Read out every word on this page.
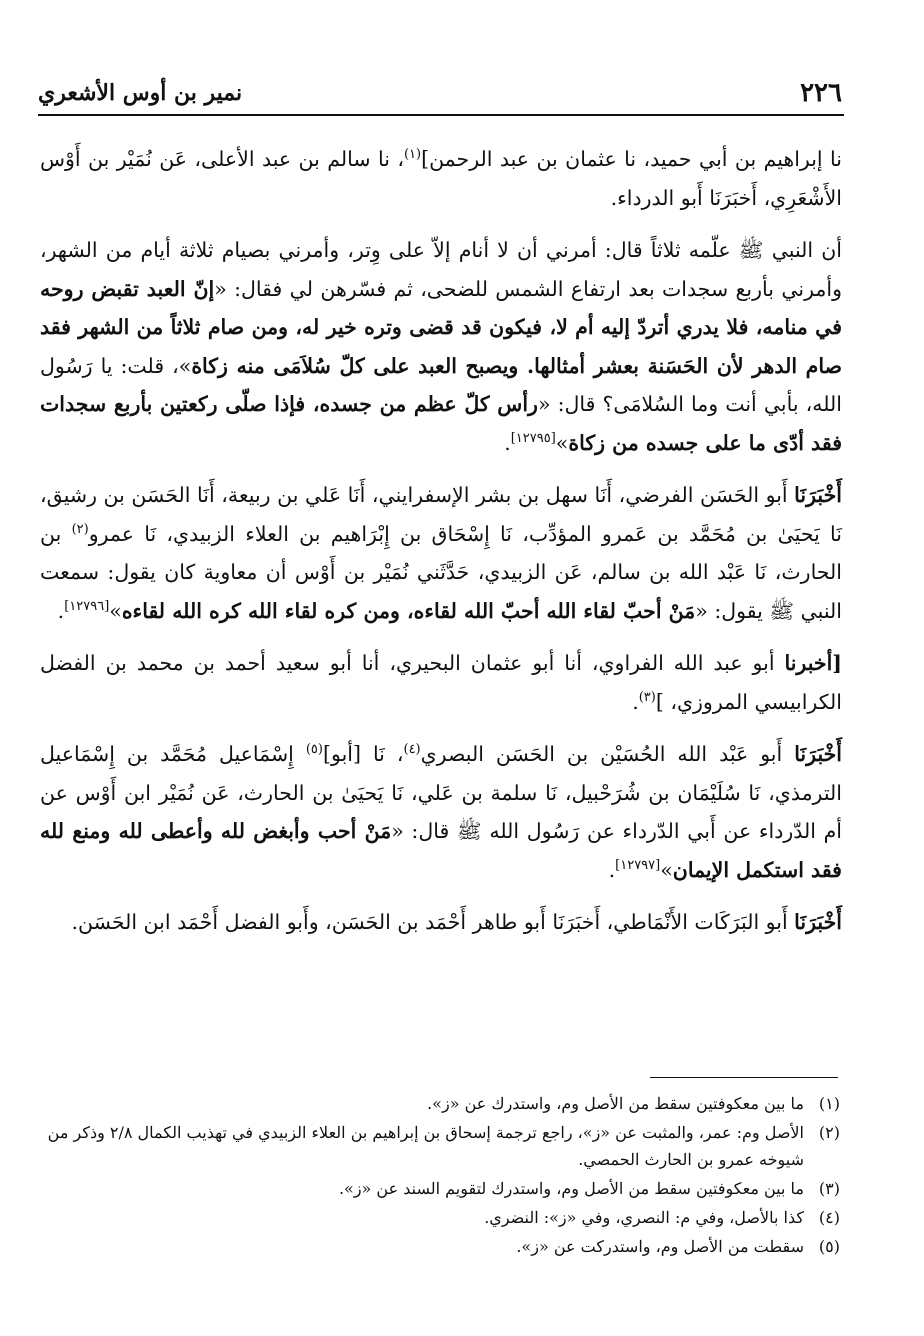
٢٢٦
نمير بن أوس الأشعري

نا إبراهيم بن أبي حميد، نا عثمان بن عبد الرحمن]$^{(١)}$، نا سالم بن عبد الأعلى، عَن نُمَيْر بن أَوْس الأَشْعَرِي، أَخبَرَنَا أَبو الدرداء.

أن النبي ﷺ علّمه ثلاثاً قال: أمرني أن لا أنام إلاّ على وِتر، وأمرني بصيام ثلاثة أيام من الشهر، وأمرني بأربع سجدات بعد ارتفاع الشمس للضحى، ثم فسّرهن لي فقال: «إنّ العبد تقبض روحه في منامه، فلا يدري أتردّ إليه أم لا، فيكون قد قضى وتره خير له، ومن صام ثلاثاً من الشهر فقد صام الدهر لأن الحَسَنة بعشر أمثالها. ويصبح العبد على كلّ سُلاَمَى منه زكاة»، قلت: يا رَسُول الله، بأبي أنت وما السُلامَى؟ قال: «رأس كلّ عظم من جسده، فإذا صلّى ركعتين بأربع سجدات فقد أدّى ما على جسده من زكاة»[١٢٧٩٥].

أَخْبَرَنَا أَبو الحَسَن الفرضي، أَنَا سهل بن بشر الإسفرايني، أَنَا عَلي بن ربيعة، أَنَا الحَسَن بن رشيق، نَا يَحيَىٰ بن مُحَمَّد بن عَمرو المؤدِّب، نَا إِسْحَاق بن إِبْرَاهيم بن العلاء الزبيدي، نَا عمرو$^{(٢)}$ بن الحارث، نَا عَبْد الله بن سالم، عَن الزبيدي، حَدَّثَني نُمَيْر بن أَوْس أن معاوية كان يقول: سمعت النبي ﷺ يقول: «مَنْ أحبّ لقاء الله أحبّ الله لقاءه، ومن كره لقاء الله كره الله لقاءه»[١٢٧٩٦].

[أخبرنا أبو عبد الله الفراوي، أنا أبو عثمان البحيري، أنا أبو سعيد أحمد بن محمد بن الفضل الكرابيسي المروزي، ]$^{(٣)}$.

أَخْبَرَنَا أَبو عَبْد الله الحُسَيْن بن الحَسَن البصري$^{(٤)}$، نَا [أبو]$^{(٥)}$ إِسْمَاعيل مُحَمَّد بن إِسْمَاعيل الترمذي، نَا سُلَيْمَان بن شُرَحْبيل، نَا سلمة بن عَلي، نَا يَحيَىٰ بن الحارث، عَن نُمَيْر ابن أَوْس عن أم الدّرداء عن أَبي الدّرداء عن رَسُول الله ﷺ قال: «مَنْ أحب وأبغض لله وأعطى لله ومنع لله فقد استكمل الإيمان»[١٢٧٩٧].

أَخْبَرَنَا أَبو البَرَكَات الأَنْمَاطي، أَخبَرَنَا أَبو طاهر أَحْمَد بن الحَسَن، وأَبو الفضل أَحْمَد ابن الحَسَن.

(١)
ما بين معكوفتين سقط من الأصل وم، واستدرك عن «ز».
(٢)
الأصل وم: عمر، والمثبت عن «ز»، راجع ترجمة إسحاق بن إبراهيم بن العلاء الزبيدي في تهذيب الكمال ٢/٨ وذكر من شيوخه عمرو بن الحارث الحمصي.
(٣)
ما بين معكوفتين سقط من الأصل وم، واستدرك لتقويم السند عن «ز».
(٤)
كذا بالأصل، وفي م: النصري، وفي «ز»: النضري.
(٥)
سقطت من الأصل وم، واستدركت عن «ز».
